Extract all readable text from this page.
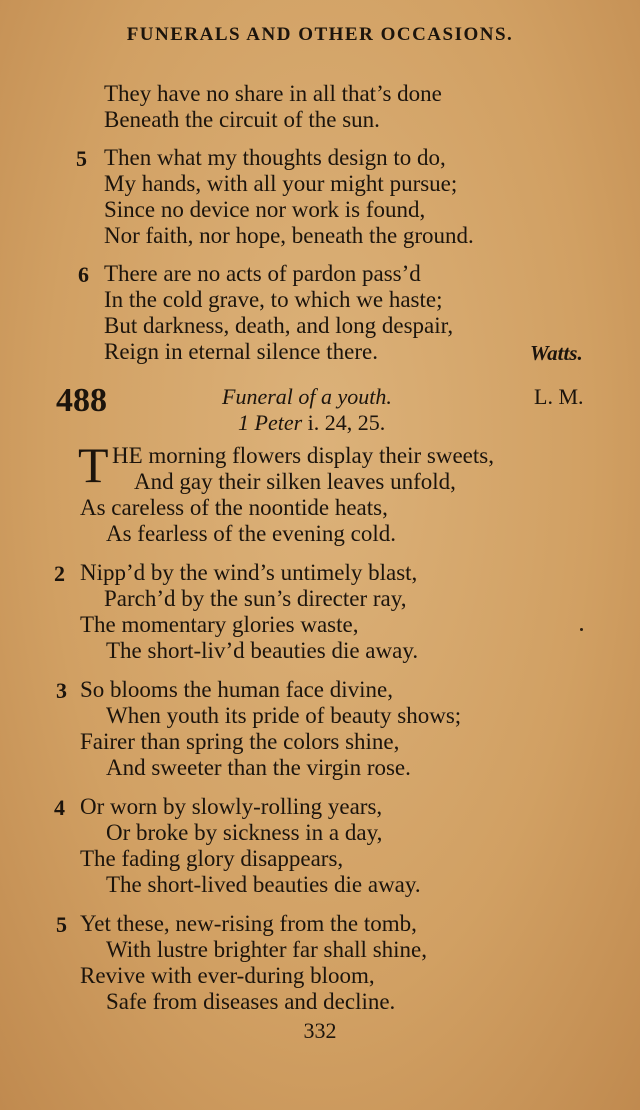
FUNERALS AND OTHER OCCASIONS.
They have no share in all that’s done
Beneath the circuit of the sun.
5 Then what my thoughts design to do,
My hands, with all your might pursue;
Since no device nor work is found,
Nor faith, nor hope, beneath the ground.
6 There are no acts of pardon pass’d
In the cold grave, to which we haste;
But darkness, death, and long despair,
Reign in eternal silence there.	Watts.
488	Funeral of a youth.	L. M.
1 Peter i. 24, 25.
T HE morning flowers display their sweets,
And gay their silken leaves unfold,
As careless of the noontide heats,
As fearless of the evening cold.
2 Nipp’d by the wind’s untimely blast,
Parch’d by the sun’s directer ray,
The momentary glories waste,
The short-liv’d beauties die away.
3 So blooms the human face divine,
When youth its pride of beauty shows;
Fairer than spring the colors shine,
And sweeter than the virgin rose.
4 Or worn by slowly-rolling years,
Or broke by sickness in a day,
The fading glory disappears,
The short-lived beauties die away.
5 Yet these, new-rising from the tomb,
With lustre brighter far shall shine,
Revive with ever-during bloom,
Safe from diseases and decline.
332
